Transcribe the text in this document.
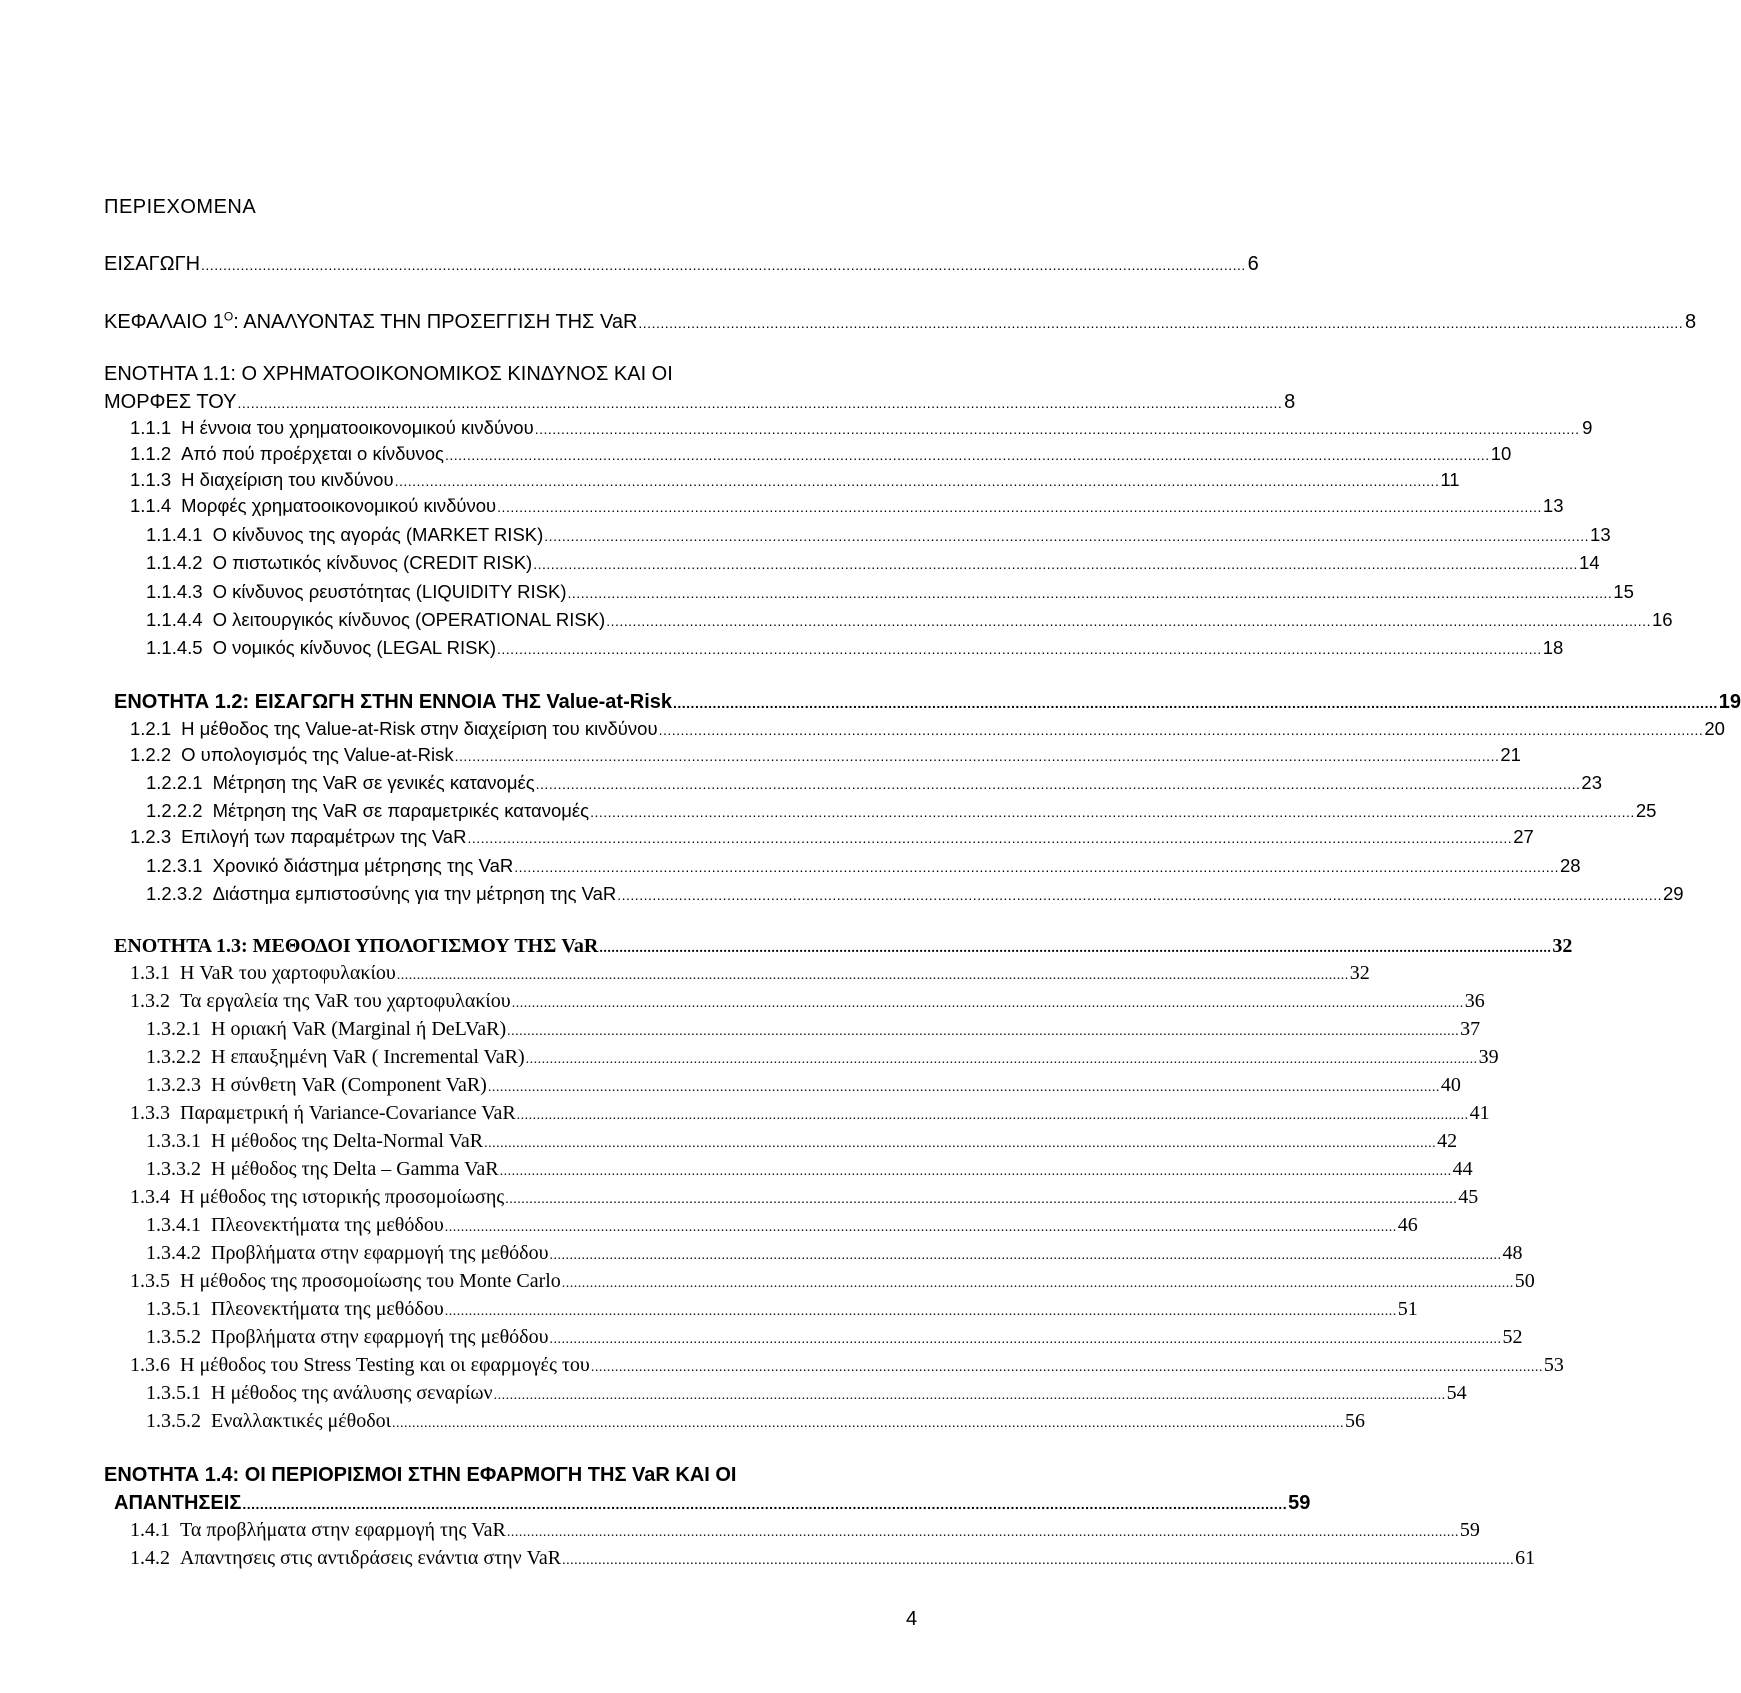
ΠΕΡΙΕΧΟΜΕΝΑ
ΕΙΣΑΓΩΓΗ .............................................................................................................................................................................................................................................. 6
ΚΕΦΑΛΑΙΟ $1^O$: ΑΝΑΛΥΟΝΤΑΣ ΤΗΝ ΠΡΟΣΕΓΓΙΣΗ ΤΗΣ VaR .............................................................................................................................................................................................................................................. 8
ΕΝΟΤΗΤΑ 1.1: Ο ΧΡΗΜΑΤΟΟΙΚΟΝΟΜΙΚΟΣ ΚΙΝΔΥΝΟΣ ΚΑΙ ΟΙ
ΜΟΡΦΕΣ ΤΟΥ .............................................................................................................................................................................................................................................. 8
1.1.1 Η έννοια του χρηματοοικονομικού κινδύνου .............................................................................................................................................................................................................................................. 9
1.1.2 Από πού προέρχεται ο κίνδυνος .............................................................................................................................................................................................................................................. 10
1.1.3 Η διαχείριση του κινδύνου .............................................................................................................................................................................................................................................. 11
1.1.4 Μορφές χρηματοοικονομικού κινδύνου .............................................................................................................................................................................................................................................. 13
1.1.4.1 Ο κίνδυνος της αγοράς (MARKET RISK) .............................................................................................................................................................................................................................................. 13
1.1.4.2 Ο πιστωτικός κίνδυνος (CREDIT RISK) .............................................................................................................................................................................................................................................. 14
1.1.4.3 Ο κίνδυνος ρευστότητας (LIQUIDITY RISK) .............................................................................................................................................................................................................................................. 15
1.1.4.4 Ο λειτουργικός κίνδυνος (OPERATIONAL RISK) .............................................................................................................................................................................................................................................. 16
1.1.4.5 Ο νομικός κίνδυνος (LEGAL RISK) .............................................................................................................................................................................................................................................. 18
ΕΝΟΤΗΤΑ 1.2: ΕΙΣΑΓΩΓΗ ΣΤΗΝ ΕΝΝΟΙΑ ΤΗΣ Value-at-Risk .............................................................................................................................................................................................................................................. 19
1.2.1 Η μέθοδος της Value-at-Risk στην διαχείριση του κινδύνου .............................................................................................................................................................................................................................................. 20
1.2.2 Ο υπολογισμός της Value-at-Risk .............................................................................................................................................................................................................................................. 21
1.2.2.1 Μέτρηση της VaR σε γενικές κατανομές .............................................................................................................................................................................................................................................. 23
1.2.2.2 Μέτρηση της VaR σε παραμετρικές κατανομές .............................................................................................................................................................................................................................................. 25
1.2.3 Επιλογή των παραμέτρων της VaR .............................................................................................................................................................................................................................................. 27
1.2.3.1 Χρονικό διάστημα μέτρησης της VaR .............................................................................................................................................................................................................................................. 28
1.2.3.2 Διάστημα εμπιστοσύνης για την μέτρηση της VaR .............................................................................................................................................................................................................................................. 29
ΕΝΟΤΗΤΑ 1.3: ΜΕΘΟΔΟΙ ΥΠΟΛΟΓΙΣΜΟΥ ΤΗΣ VaR .............................................................................................................................................................................................................................................. 32
1.3.1 Η VaR του χαρτοφυλακίου .............................................................................................................................................................................................................................................. 32
1.3.2 Τα εργαλεία της VaR του χαρτοφυλακίου .............................................................................................................................................................................................................................................. 36
1.3.2.1 Η οριακή VaR (Marginal ή DeLVaR) .............................................................................................................................................................................................................................................. 37
1.3.2.2 Η επαυξημένη VaR ( Incremental VaR) .............................................................................................................................................................................................................................................. 39
1.3.2.3 Η σύνθετη VaR (Component VaR) .............................................................................................................................................................................................................................................. 40
1.3.3 Παραμετρική ή Variance-Covariance VaR .............................................................................................................................................................................................................................................. 41
1.3.3.1 Η μέθοδος της Delta-Normal VaR .............................................................................................................................................................................................................................................. 42
1.3.3.2 Η μέθοδος της Delta – Gamma VaR .............................................................................................................................................................................................................................................. 44
1.3.4 Η μέθοδος της ιστορικής προσομοίωσης .............................................................................................................................................................................................................................................. 45
1.3.4.1 Πλεονεκτήματα της μεθόδου .............................................................................................................................................................................................................................................. 46
1.3.4.2 Προβλήματα στην εφαρμογή της μεθόδου .............................................................................................................................................................................................................................................. 48
1.3.5 Η μέθοδος της προσομοίωσης του Monte Carlo .............................................................................................................................................................................................................................................. 50
1.3.5.1 Πλεονεκτήματα της μεθόδου .............................................................................................................................................................................................................................................. 51
1.3.5.2 Προβλήματα στην εφαρμογή της μεθόδου .............................................................................................................................................................................................................................................. 52
1.3.6 Η μέθοδος του Stress Testing και οι εφαρμογές του .............................................................................................................................................................................................................................................. 53
1.3.5.1 Η μέθοδος της ανάλυσης σεναρίων .............................................................................................................................................................................................................................................. 54
1.3.5.2 Εναλλακτικές μέθοδοι .............................................................................................................................................................................................................................................. 56
ΕΝΟΤΗΤΑ 1.4: ΟΙ ΠΕΡΙΟΡΙΣΜΟΙ ΣΤΗΝ ΕΦΑΡΜΟΓΗ ΤΗΣ VaR ΚΑΙ ΟΙ
ΑΠΑΝΤΗΣΕΙΣ .............................................................................................................................................................................................................................................. 59
1.4.1 Τα προβλήματα στην εφαρμογή της VaR .............................................................................................................................................................................................................................................. 59
1.4.2 Απαντησεις στις αντιδράσεις ενάντια στην VaR .............................................................................................................................................................................................................................................. 61
4
